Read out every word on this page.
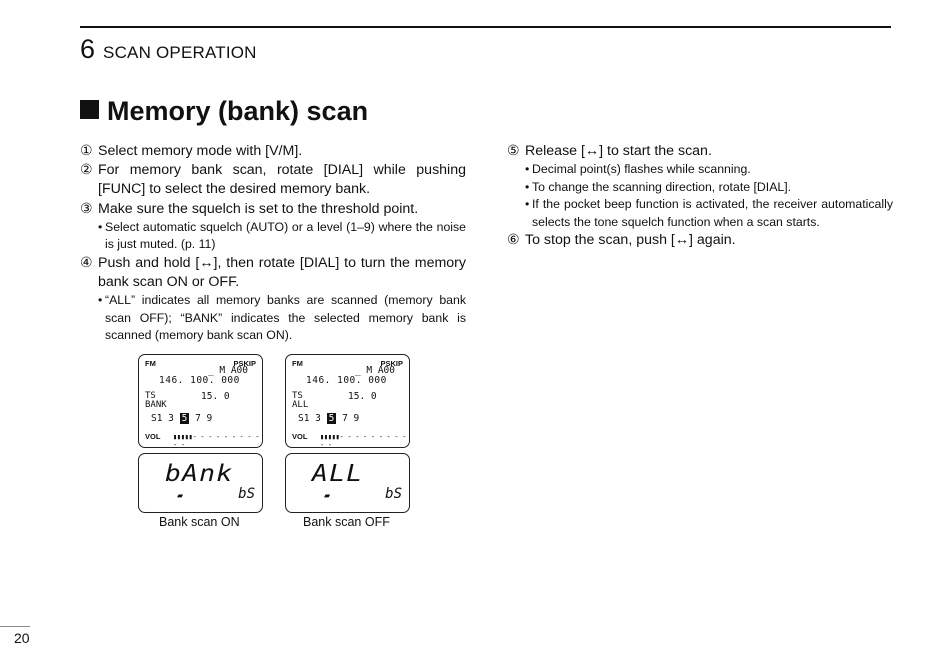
6 SCAN OPERATION
Memory (bank) scan
① Select memory mode with [V/M].
② For memory bank scan, rotate [DIAL] while pushing [FUNC] to select the desired memory bank.
③ Make sure the squelch is set to the threshold point.
• Select automatic squelch (AUTO) or a level (1–9) where the noise is just muted. (p. 11)
④ Push and hold [↔], then rotate [DIAL] to turn the memory bank scan ON or OFF.
• “ALL” indicates all memory banks are scanned (memory bank scan OFF); “BANK” indicates the selected memory bank is scanned (memory bank scan ON).
⑤ Release [↔] to start the scan.
• Decimal point(s) flashes while scanning.
• To change the scanning direction, rotate [DIAL].
• If the pocket beep function is activated, the receiver automatically selects the tone squelch function when a scan starts.
⑥ To stop the scan, push [↔] again.
FM	PSKIP
_ M A00
146. 100. 000
TS	15. 0
BANK
S1 3 5 7 9
VOL ▮▮▮▮▮- - - - - - - - - - -
bAnk
▰	bS
Bank scan ON
FM	PSKIP
_ M A00
146. 100. 000
TS	15. 0
ALL
S1 3 5 7 9
VOL ▮▮▮▮▮- - - - - - - - - - -
ALL
▰	bS
Bank scan OFF
20
